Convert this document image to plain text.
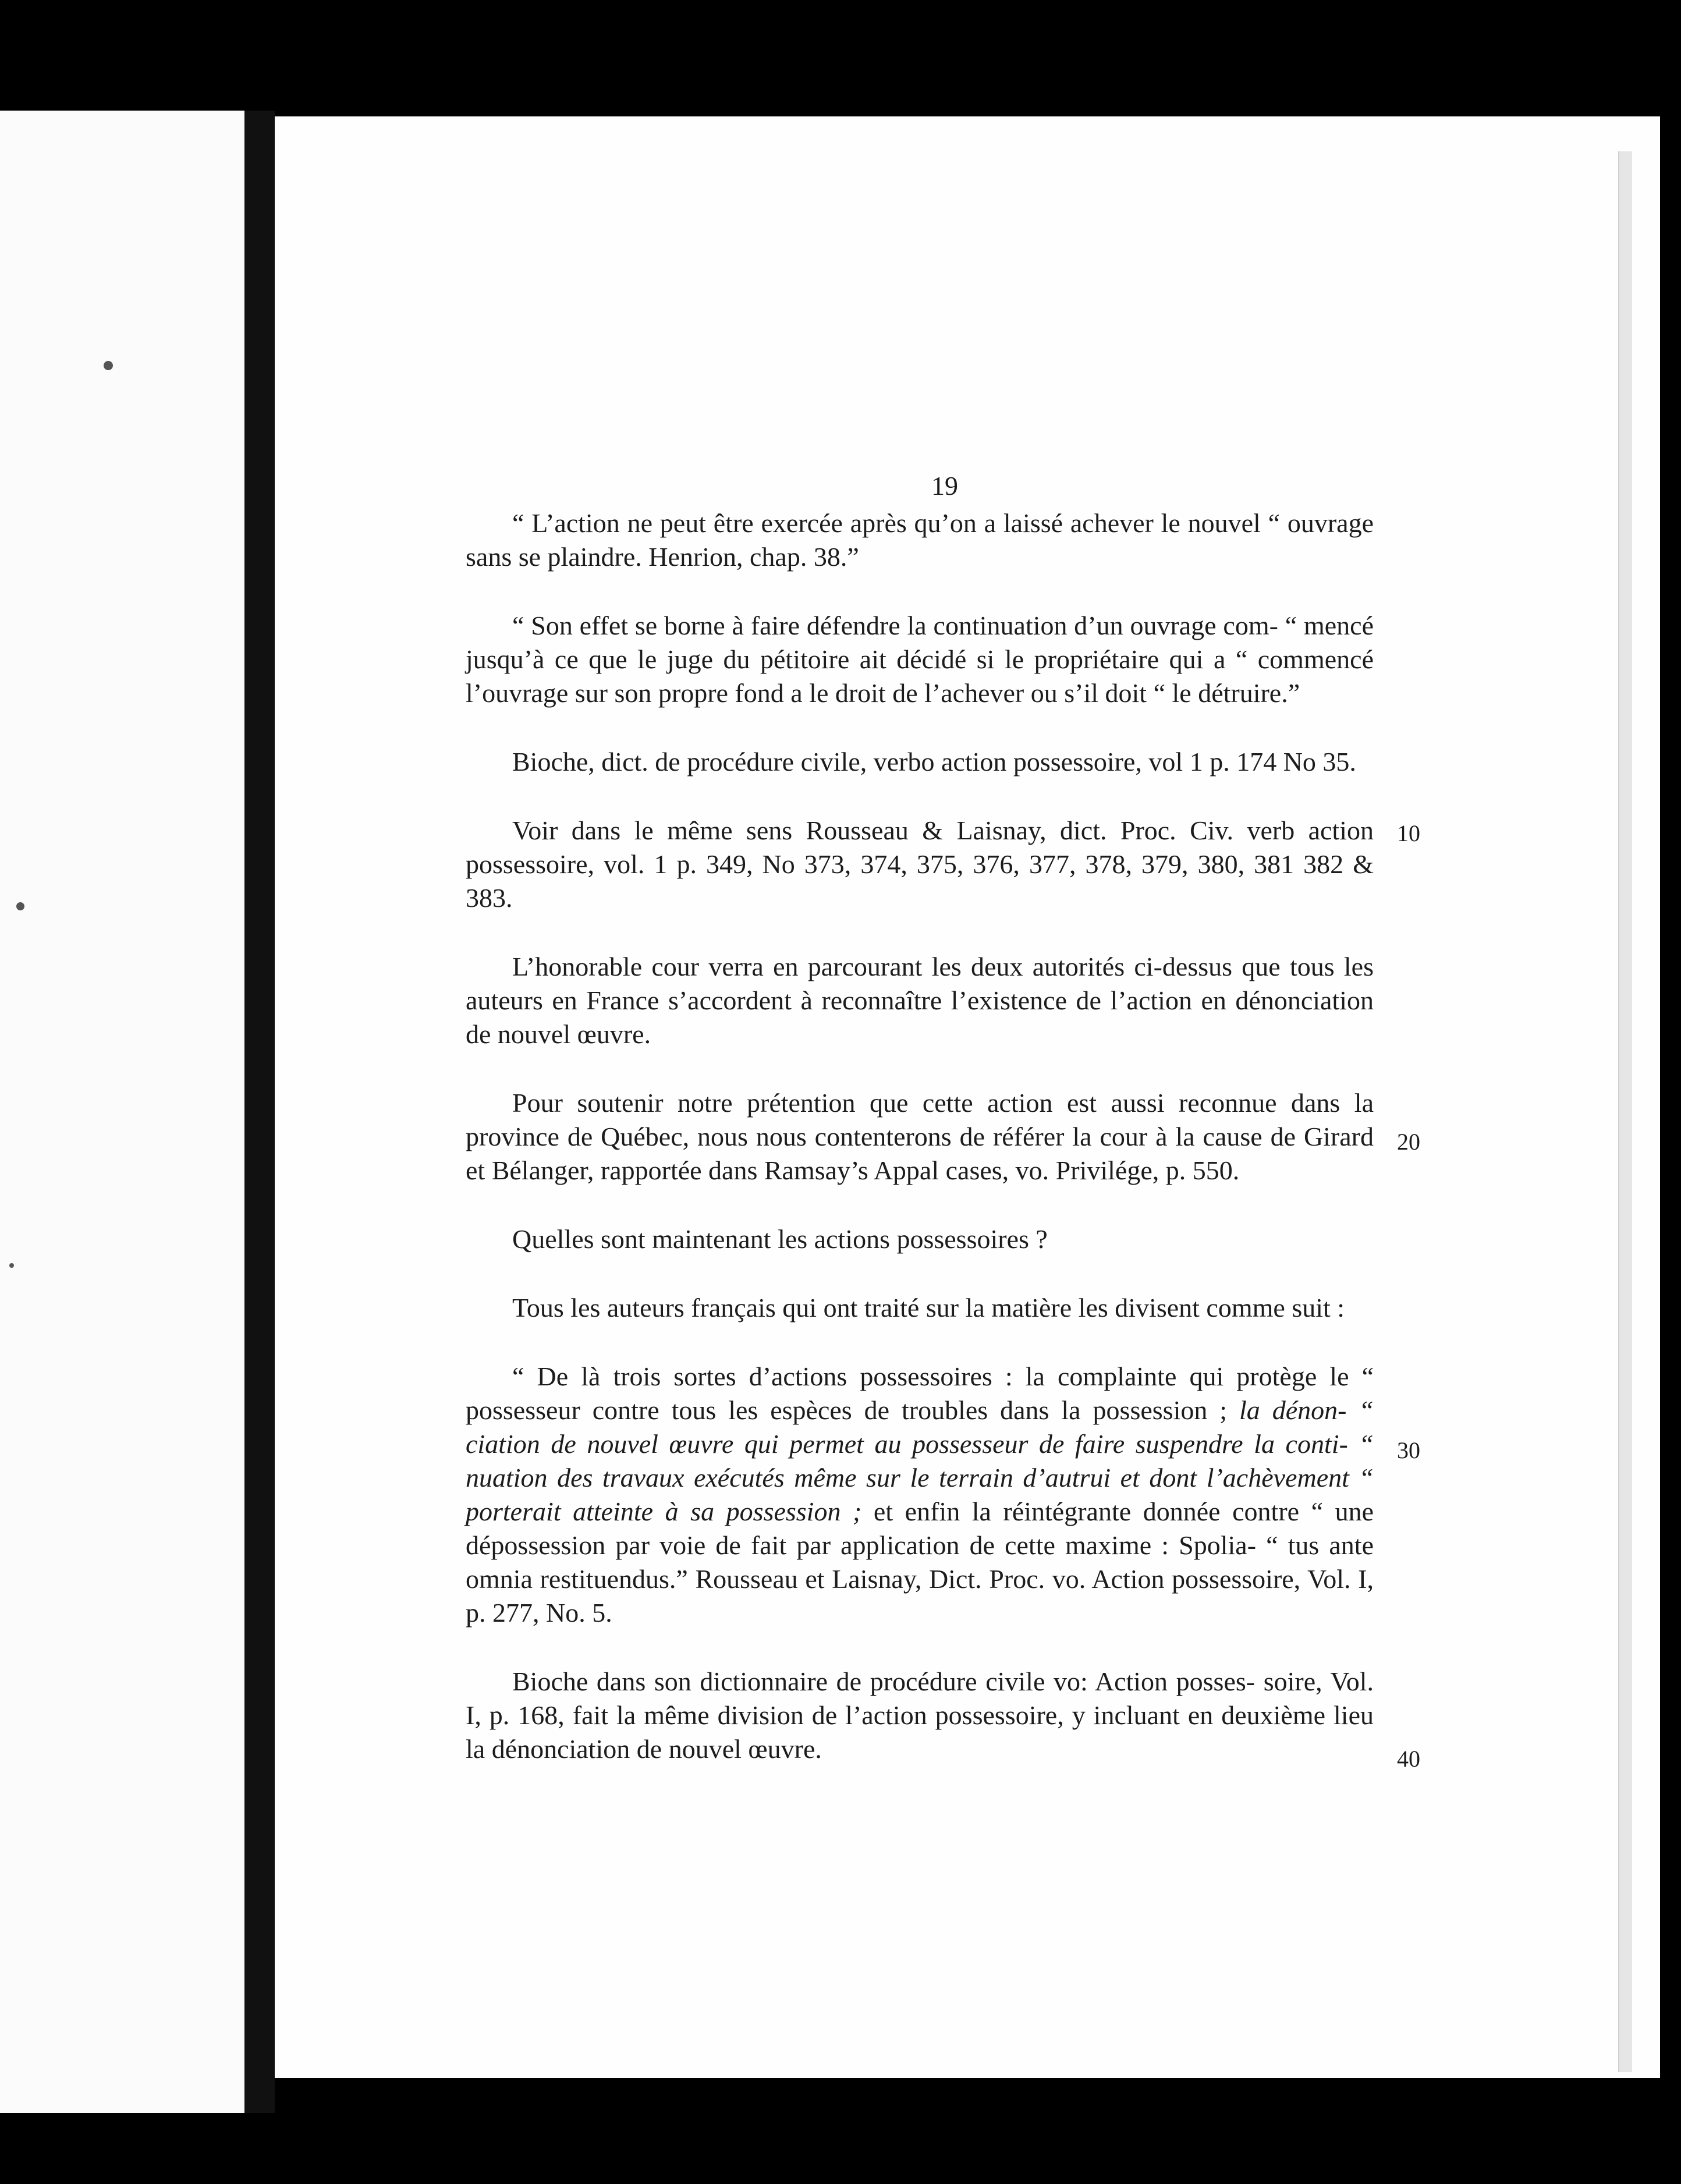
19

“ L’action ne peut être exercée après qu’on a laissé achever le nouvel “ ouvrage sans se plaindre. Henrion, chap. 38.”

“ Son effet se borne à faire défendre la continuation d’un ouvrage com- “ mencé jusqu’à ce que le juge du pétitoire ait décidé si le propriétaire qui a “ commencé l’ouvrage sur son propre fond a le droit de l’achever ou s’il doit “ le détruire.”

Bioche, dict. de procédure civile, verbo action possessoire, vol 1 p. 174 No 35.

Voir dans le même sens Rousseau & Laisnay, dict. Proc. Civ. verb action possessoire, vol. 1 p. 349, No 373, 374, 375, 376, 377, 378, 379, 380, 381 382 & 383.

L’honorable cour verra en parcourant les deux autorités ci-dessus que tous les auteurs en France s’accordent à reconnaître l’existence de l’action en dénonciation de nouvel œuvre.

Pour soutenir notre prétention que cette action est aussi reconnue dans la province de Québec, nous nous contenterons de référer la cour à la cause de Girard et Bélanger, rapportée dans Ramsay’s Appal cases, vo. Privilége, p. 550.

Quelles sont maintenant les actions possessoires ?

Tous les auteurs français qui ont traité sur la matière les divisent comme suit :

“ De là trois sortes d’actions possessoires : la complainte qui protège le “ possesseur contre tous les espèces de troubles dans la possession ; la dénon- “ ciation de nouvel œuvre qui permet au possesseur de faire suspendre la conti- “ nuation des travaux exécutés même sur le terrain d’autrui et dont l’achèvement “ porterait atteinte à sa possession ; et enfin la réintégrante donnée contre “ une dépossession par voie de fait par application de cette maxime : Spolia- “ tus ante omnia restituendus.” Rousseau et Laisnay, Dict. Proc. vo. Action possessoire, Vol. I, p. 277, No. 5.

Bioche dans son dictionnaire de procédure civile vo: Action posses- soire, Vol. I, p. 168, fait la même division de l’action possessoire, y incluant en deuxième lieu la dénonciation de nouvel œuvre.

10
20
30
40
